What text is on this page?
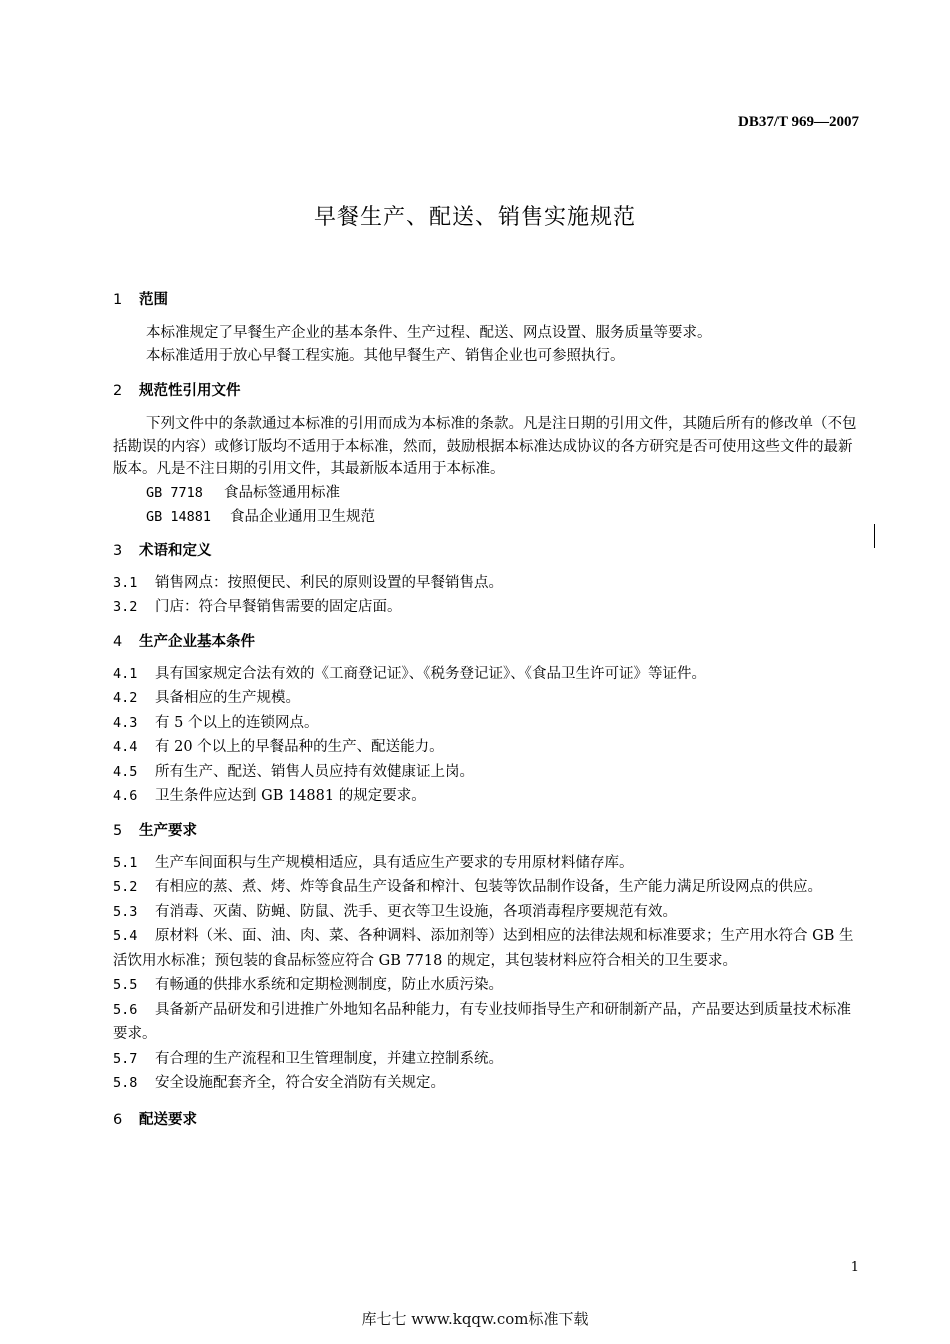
DB37/T 969—2007
早餐生产、配送、销售实施规范
1 范围

本标准规定了早餐生产企业的基本条件、生产过程、配送、网点设置、服务质量等要求。

本标准适用于放心早餐工程实施。其他早餐生产、销售企业也可参照执行。

2 规范性引用文件

下列文件中的条款通过本标准的引用而成为本标准的条款。凡是注日期的引用文件，其随后所有的修改单（不包括勘误的内容）或修订版均不适用于本标准，然而，鼓励根据本标准达成协议的各方研究是否可使用这些文件的最新版本。凡是不注日期的引用文件，其最新版本适用于本标准。

GB 7718 食品标签通用标准

GB 14881 食品企业通用卫生规范

3 术语和定义

3.1 销售网点：按照便民、利民的原则设置的早餐销售点。

3.2 门店：符合早餐销售需要的固定店面。

4 生产企业基本条件

4.1 具有国家规定合法有效的《工商登记证》、《税务登记证》、《食品卫生许可证》等证件。

4.2 具备相应的生产规模。

4.3 有 5 个以上的连锁网点。

4.4 有 20 个以上的早餐品种的生产、配送能力。

4.5 所有生产、配送、销售人员应持有效健康证上岗。

4.6 卫生条件应达到 GB 14881 的规定要求。

5 生产要求

5.1 生产车间面积与生产规模相适应，具有适应生产要求的专用原材料储存库。

5.2 有相应的蒸、煮、烤、炸等食品生产设备和榨汁、包装等饮品制作设备，生产能力满足所设网点的供应。

5.3 有消毒、灭菌、防蝇、防鼠、洗手、更衣等卫生设施，各项消毒程序要规范有效。

5.4 原材料（米、面、油、肉、菜、各种调料、添加剂等）达到相应的法律法规和标准要求；生产用水符合 GB 生活饮用水标准；预包装的食品标签应符合 GB 7718 的规定，其包装材料应符合相关的卫生要求。

5.5 有畅通的供排水系统和定期检测制度，防止水质污染。

5.6 具备新产品研发和引进推广外地知名品种能力，有专业技师指导生产和研制新产品，产品要达到质量技术标准要求。

5.7 有合理的生产流程和卫生管理制度，并建立控制系统。

5.8 安全设施配套齐全，符合安全消防有关规定。

6 配送要求
1
库七七 www.kqqw.com标准下载
